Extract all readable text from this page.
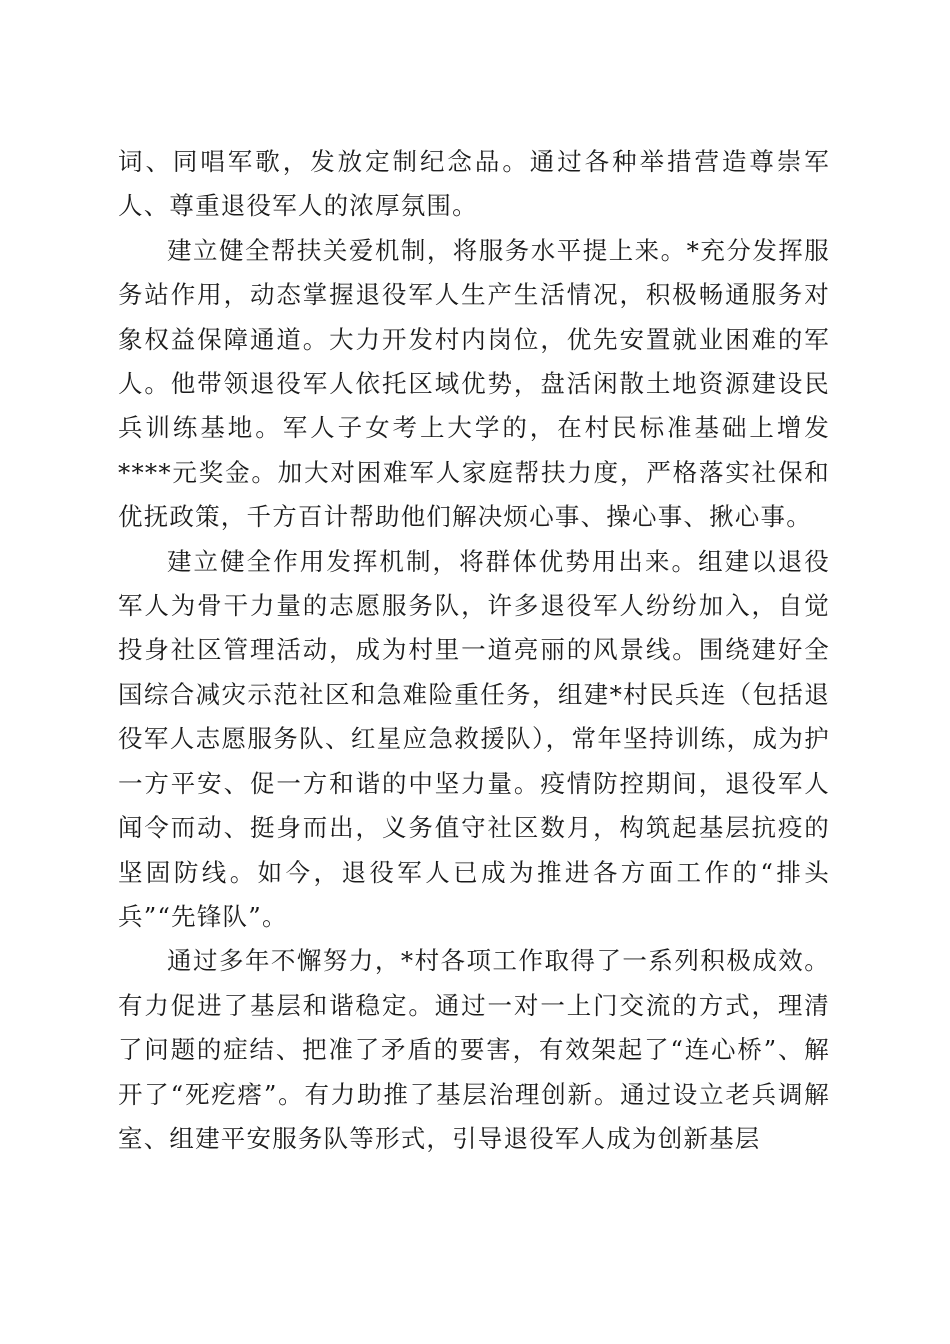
词、同唱军歌，发放定制纪念品。通过各种举措营造尊崇军人、尊重退役军人的浓厚氛围。

建立健全帮扶关爱机制，将服务水平提上来。*充分发挥服务站作用，动态掌握退役军人生产生活情况，积极畅通服务对象权益保障通道。大力开发村内岗位，优先安置就业困难的军人。他带领退役军人依托区域优势，盘活闲散土地资源建设民兵训练基地。军人子女考上大学的，在村民标准基础上增发****元奖金。加大对困难军人家庭帮扶力度，严格落实社保和优抚政策，千方百计帮助他们解决烦心事、操心事、揪心事。

建立健全作用发挥机制，将群体优势用出来。组建以退役军人为骨干力量的志愿服务队，许多退役军人纷纷加入，自觉投身社区管理活动，成为村里一道亮丽的风景线。围绕建好全国综合减灾示范社区和急难险重任务，组建*村民兵连（包括退役军人志愿服务队、红星应急救援队），常年坚持训练，成为护一方平安、促一方和谐的中坚力量。疫情防控期间，退役军人闻令而动、挺身而出，义务值守社区数月，构筑起基层抗疫的坚固防线。如今，退役军人已成为推进各方面工作的“排头兵”“先锋队”。

通过多年不懈努力，*村各项工作取得了一系列积极成效。有力促进了基层和谐稳定。通过一对一上门交流的方式，理清了问题的症结、把准了矛盾的要害，有效架起了“连心桥”、解开了“死疙瘩”。有力助推了基层治理创新。通过设立老兵调解室、组建平安服务队等形式，引导退役军人成为创新基层
